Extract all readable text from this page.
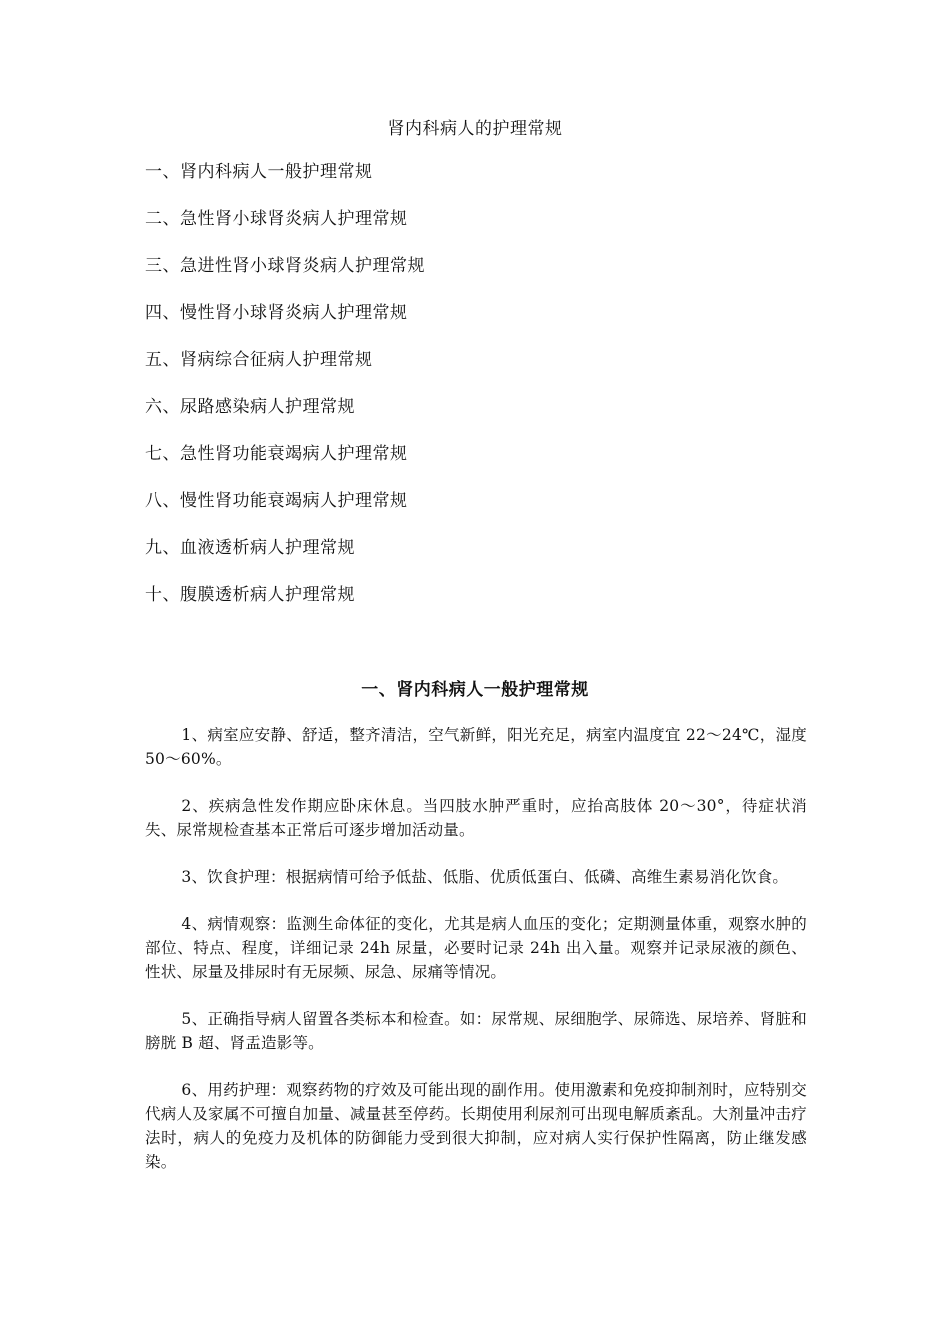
肾内科病人的护理常规
一、肾内科病人一般护理常规
二、急性肾小球肾炎病人护理常规
三、急进性肾小球肾炎病人护理常规
四、慢性肾小球肾炎病人护理常规
五、肾病综合征病人护理常规
六、尿路感染病人护理常规
七、急性肾功能衰竭病人护理常规
八、慢性肾功能衰竭病人护理常规
九、血液透析病人护理常规
十、腹膜透析病人护理常规
一、肾内科病人一般护理常规

1、病室应安静、舒适，整齐清洁，空气新鲜，阳光充足，病室内温度宜 22～24℃，湿度 50～60%。

2、疾病急性发作期应卧床休息。当四肢水肿严重时，应抬高肢体 20～30°，待症状消失、尿常规检查基本正常后可逐步增加活动量。

3、饮食护理：根据病情可给予低盐、低脂、优质低蛋白、低磷、高维生素易消化饮食。

4、病情观察：监测生命体征的变化，尤其是病人血压的变化；定期测量体重，观察水肿的部位、特点、程度，详细记录 24h 尿量，必要时记录 24h 出入量。观察并记录尿液的颜色、性状、尿量及排尿时有无尿频、尿急、尿痛等情况。

5、正确指导病人留置各类标本和检查。如：尿常规、尿细胞学、尿筛选、尿培养、肾脏和膀胱 B 超、肾盂造影等。

6、用药护理：观察药物的疗效及可能出现的副作用。使用激素和免疫抑制剂时，应特别交代病人及家属不可擅自加量、减量甚至停药。长期使用利尿剂可出现电解质紊乱。大剂量冲击疗法时，病人的免疫力及机体的防御能力受到很大抑制，应对病人实行保护性隔离，防止继发感染。
